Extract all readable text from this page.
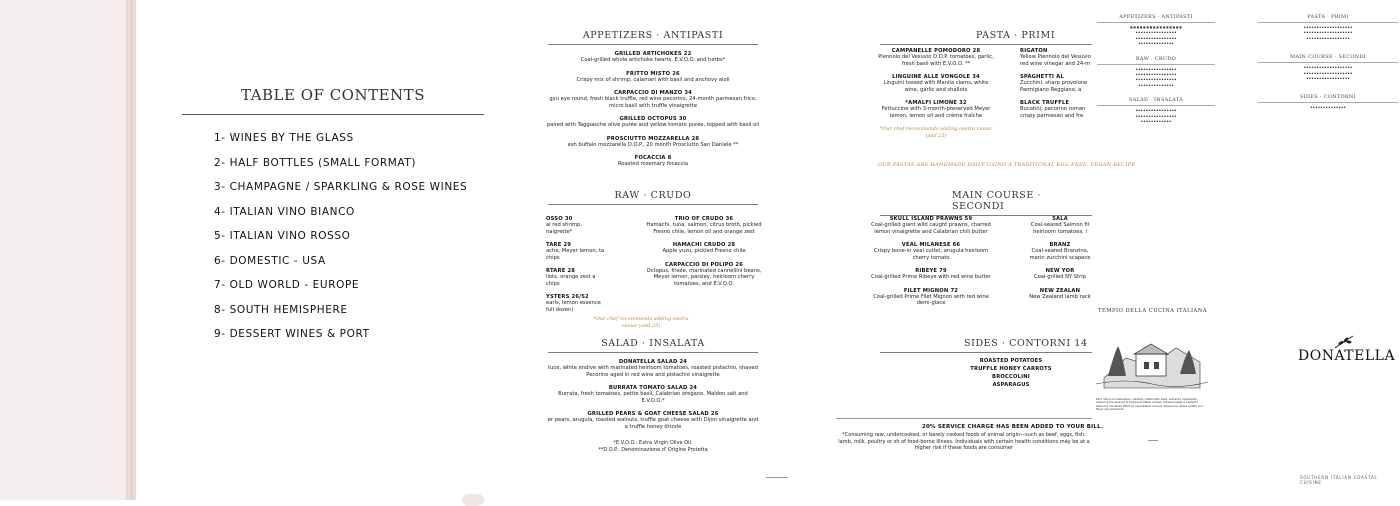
TABLE OF CONTENTS
1- WINES BY THE GLASS
2- HALF BOTTLES (SMALL FORMAT)
3- CHAMPAGNE / SPARKLING & ROSE WINES
4- ITALIAN VINO BIANCO
5- ITALIAN VINO ROSSO
6- DOMESTIC - USA
7- OLD WORLD - EUROPE
8- SOUTH HEMISPHERE
9- DESSERT WINES & PORT
APPETIZERS · ANTIPASTI
GRILLED ARTICHOKES 22
Coal-grilled whole artichoke hearts, E.V.O.O. and herbs*
FRITTO MISTO 26
Crispy mix of shrimp, calamari with basil and anchovy aioli
CARPACCIO DI MANZO 34
gyu eye round, fresh black truffle, red wine pecorino, 24-month parmesan frico, micro basil with truffle vinaigrette
GRILLED OCTOPUS 30
paired with Taggiasche olive purée and yellow tomato purée, topped with basil oil
PROSCIUTTO MOZZARELLA 28
esh buffalo mozzarella D.O.P., 20 month Prosciutto San Daniele **
FOCACCIA 8
Roasted rosemary focaccia
RAW · CRUDO
OSSO 30
al red shrimp, naigrette*
TARE 29
ache, Meyer lemon, ta chips
RTARE 28
llots, orange zest a chips
YSTERS 26/52
earls, lemon essence full dozen)
TRIO OF CRUDO 36
Hamachi, tuna, salmon, citrus broth, pickled Fresno chile, lemon oil and orange zest
HAMACHI CRUDO 28
Apple yuzu, pickled Fresno chile
CARPACCIO DI POLIPO 26
Octopus, frisée, marinated cannellini beans, Meyer lemon, parsley, heirloom cherry tomatoes, and E.V.O.O.
*Our chef recommends adding osetra caviar (add 25)
SALAD · INSALATA
DONATELLA SALAD 24
tuce, white endive with marinated heirloom tomatoes, roasted pistachio, shaved Pecorino aged in red wine and pistachio vinaigrette
BURRATA TOMATO SALAD 24
Burrata, fresh tomatoes, petite basil, Calabrian oregano, Maldon salt and E.V.O.O.*
GRILLED PEARS & GOAT CHEESE SALAD 26
er pears, arugula, roasted walnuts, truffle goat cheese with Dijon vinaigrette and a truffle honey drizzle
*E.V.O.O.: Extra Virgin Olive Oil.
**D.O.P.: Denominazione d' Origine Protetta
PASTA · PRIMI
CAMPANELLE POMODORO 28
Piennolo del Vesuvio D.O.P. tomatoes, garlic, fresh basil with E.V.O.O. **
LINGUINE ALLE VONGOLE 34
Linguini tossed with Manila clams, white wine, garlic and shallots
*AMALFI LIMONE 32
Fettuccine with 3-month-preserved Meyer lemon, lemon oil and crème fraîche
*Our chef recommends adding osetra caviar (add 25)
RIGATON
Yellow Piennolo del Vesuvio red wine vinegar and 24-m
SPAGHETTI AL
Zucchini, sharp provolone Parmigiano Reggiano, a
BLACK TRUFFLE
Bucatini, pecorino roman crispy parmesan and fre
OUR PASTAS ARE HANDMADE DAILY USING A TRADITIONAL EGG-FREE, VEGAN RECIPE
MAIN COURSE · SECONDI
SKULL ISLAND PRAWNS 59
Coal-grilled giant wild caught prawns, charred lemon vinaigrette and Calabrian chili butter
VEAL MILANESE 66
Crispy bone-in veal cutlet, arugula heirloom cherry tomato
RIBEYE 79
Coal-grilled Prime Ribeye with red wine butter
FILET MIGNON 72
Coal-grilled Prime Filet Mignon with red wine demi-glace
SALA
Coal-seared Salmon fil heirloom tomatoes, l
BRANZ
Coal-seared Branzino, marin zucchini scapece
NEW YOR
Coal-grilled NY Strip
NEW ZEALAN
New Zealand lamb rack
SIDES · CONTORNI 14
ROASTED POTATOES
TRUFFLE HONEY CARROTS
BROCCOLINI
ASPARAGUS
20% SERVICE CHARGE HAS BEEN ADDED TO YOUR BILL.
*Consuming raw, undercooked, or barely cooked foods of animal origin—such as beef, eggs, fish, lamb, milk, poultry or sh of food-borne illness. Individuals with certain health conditions may be at a higher risk if these foods are consumer
APPETIZERS · ANTIPASTI
■ ■ ■ ■ ■ ■ ■ ■ ■ ■ ■ ■ ■ ■ ■ ■
▪ ▪ ▪ ▪ ▪ ▪ ▪ ▪ ▪ ▪ ▪ ▪ ▪ ▪ ▪ ▪
▪ ▪ ▪ ▪ ▪ ▪ ▪ ▪ ▪ ▪ ▪ ▪ ▪ ▪ ▪ ▪
▪ ▪ ▪ ▪ ▪ ▪ ▪ ▪ ▪ ▪ ▪ ▪ ▪ ▪
RAW · CRUDO
▪ ▪ ▪ ▪ ▪ ▪ ▪ ▪ ▪ ▪ ▪ ▪ ▪ ▪ ▪ ▪
▪ ▪ ▪ ▪ ▪ ▪ ▪ ▪ ▪ ▪ ▪ ▪ ▪ ▪ ▪ ▪
▪ ▪ ▪ ▪ ▪ ▪ ▪ ▪ ▪ ▪ ▪ ▪ ▪ ▪ ▪ ▪
▪ ▪ ▪ ▪ ▪ ▪ ▪ ▪ ▪ ▪ ▪ ▪ ▪ ▪
SALAD · INSALATA
▪ ▪ ▪ ▪ ▪ ▪ ▪ ▪ ▪ ▪ ▪ ▪ ▪ ▪ ▪ ▪
▪ ▪ ▪ ▪ ▪ ▪ ▪ ▪ ▪ ▪ ▪ ▪ ▪ ▪ ▪ ▪
▪ ▪ ▪ ▪ ▪ ▪ ▪ ▪ ▪ ▪ ▪ ▪
PASTA · PRIMI
▪ ▪ ▪ ▪ ▪ ▪ ▪ ▪ ▪ ▪ ▪ ▪ ▪ ▪ ▪ ▪ ▪ ▪ ▪
▪ ▪ ▪ ▪ ▪ ▪ ▪ ▪ ▪ ▪ ▪ ▪ ▪ ▪ ▪ ▪ ▪ ▪ ▪
▪ ▪ ▪ ▪ ▪ ▪ ▪ ▪ ▪ ▪ ▪ ▪ ▪ ▪ ▪ ▪ ▪
MAIN COURSE · SECONDI
▪ ▪ ▪ ▪ ▪ ▪ ▪ ▪ ▪ ▪ ▪ ▪ ▪ ▪ ▪ ▪ ▪ ▪ ▪
▪ ▪ ▪ ▪ ▪ ▪ ▪ ▪ ▪ ▪ ▪ ▪ ▪ ▪ ▪ ▪ ▪ ▪ ▪
▪ ▪ ▪ ▪ ▪ ▪ ▪ ▪ ▪ ▪ ▪ ▪ ▪ ▪ ▪ ▪ ▪
SIDES · CONTORNI
▪ ▪ ▪ ▪ ▪ ▪ ▪ ▪ ▪ ▪ ▪ ▪ ▪ ▪
TEMPIO DELLA CUCINA ITALIANA
Each dish is a masterpiece, carefully crafted with fresh, authentic ingredients, capturing the essence of traditional Italian recipes. Artisanal pasta is perfectly balanced. Donatella offers an unparalleled culinary experience, where quality and flavor are paramount.
DONATELLA
SOUTHERN ITALIAN COASTAL CUISINE
